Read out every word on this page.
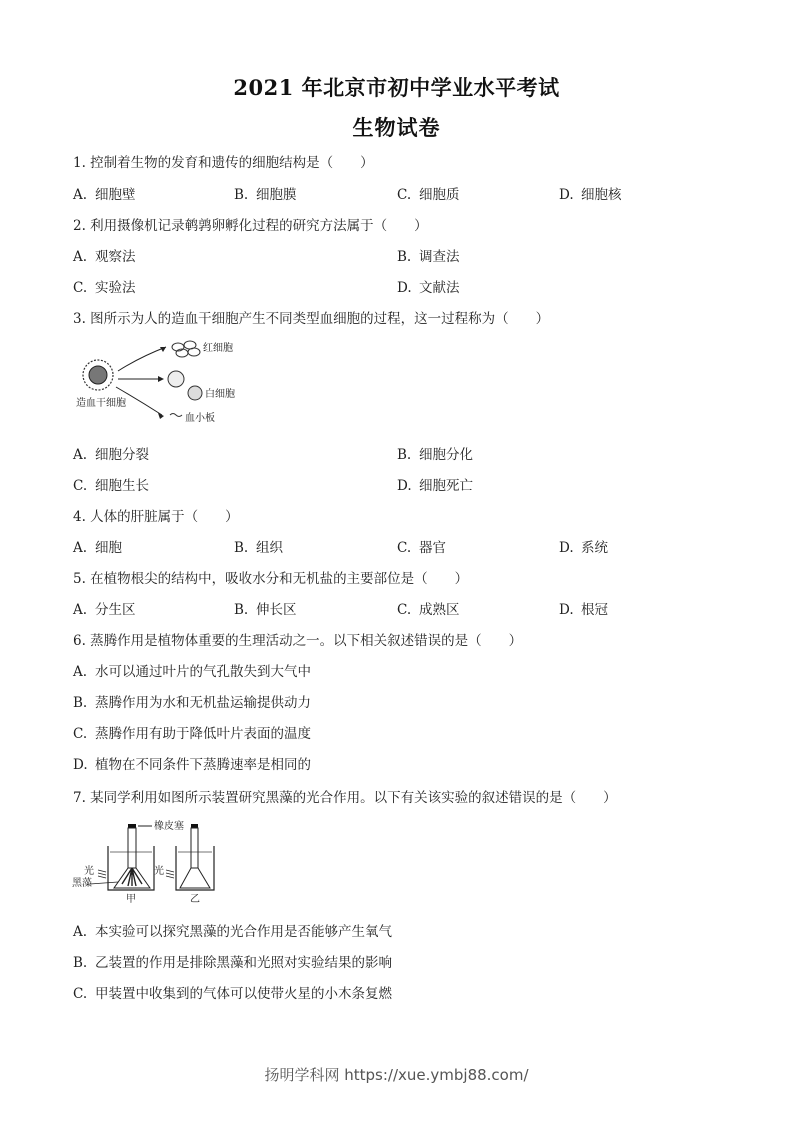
2021 年北京市初中学业水平考试
生物试卷
1. 控制着生物的发育和遗传的细胞结构是（　　）
A. 细胞壁	B. 细胞膜	C. 细胞质	D. 细胞核
2. 利用摄像机记录鹌鹑卵孵化过程的研究方法属于（　　）
A. 观察法	B. 调查法
C. 实验法	D. 文献法
3. 图所示为人的造血干细胞产生不同类型血细胞的过程，这一过程称为（　　）
造血干细胞
红细胞
白细胞
血小板
A. 细胞分裂	B. 细胞分化
C. 细胞生长	D. 细胞死亡
4. 人体的肝脏属于（　　）
A. 细胞	B. 组织	C. 器官	D. 系统
5. 在植物根尖的结构中，吸收水分和无机盐的主要部位是（　　）
A. 分生区	B. 伸长区	C. 成熟区	D. 根冠
6. 蒸腾作用是植物体重要的生理活动之一。以下相关叙述错误的是（　　）
A. 水可以通过叶片的气孔散失到大气中
B. 蒸腾作用为水和无机盐运输提供动力
C. 蒸腾作用有助于降低叶片表面的温度
D. 植物在不同条件下蒸腾速率是相同的
7. 某同学利用如图所示装置研究黑藻的光合作用。以下有关该实验的叙述错误的是（　　）
橡皮塞
光
黑藻
甲
光
乙
A. 本实验可以探究黑藻的光合作用是否能够产生氧气
B. 乙装置的作用是排除黑藻和光照对实验结果的影响
C. 甲装置中收集到的气体可以使带火星的小木条复燃
扬明学科网 https://xue.ymbj88.com/
